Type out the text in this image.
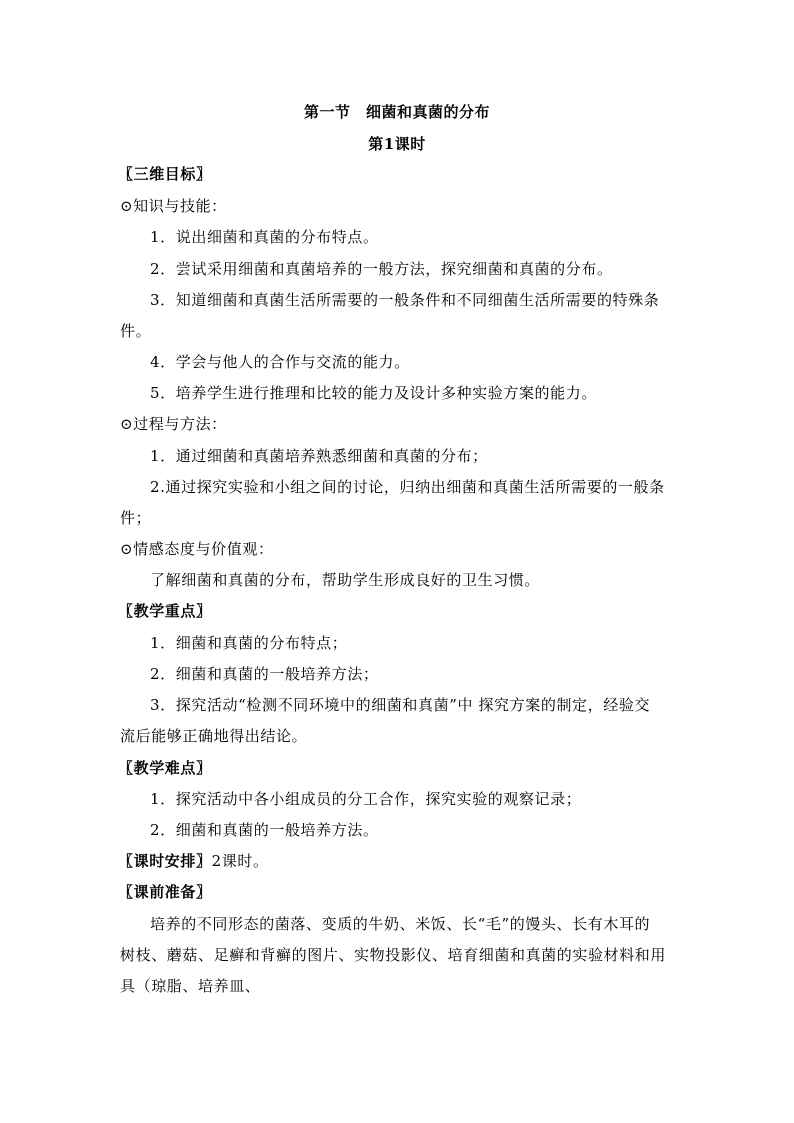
第一节　细菌和真菌的分布
第1课时
〖三维目标〗
⊙知识与技能：
1．说出细菌和真菌的分布特点。
2．尝试采用细菌和真菌培养的一般方法，探究细菌和真菌的分布。
3．知道细菌和真菌生活所需要的一般条件和不同细菌生活所需要的特殊条
件。
4．学会与他人的合作与交流的能力。
5．培养学生进行推理和比较的能力及设计多种实验方案的能力。
⊙过程与方法：
1．通过细菌和真菌培养熟悉细菌和真菌的分布；
2.通过探究实验和小组之间的讨论，归纳出细菌和真菌生活所需要的一般条
件；
⊙情感态度与价值观：
了解细菌和真菌的分布，帮助学生形成良好的卫生习惯。
〖教学重点〗
1．细菌和真菌的分布特点；
2．细菌和真菌的一般培养方法；
3．探究活动“检测不同环境中的细菌和真菌”中 探究方案的制定，经验交
流后能够正确地得出结论。
〖教学难点〗
1．探究活动中各小组成员的分工合作，探究实验的观察记录；
2．细菌和真菌的一般培养方法。
〖课时安排〗2课时。
〖课前准备〗
培养的不同形态的菌落、变质的牛奶、米饭、长“毛”的馒头、长有木耳的
树枝、蘑菇、足癣和背癣的图片、实物投影仪、培育细菌和真菌的实验材料和用
具（琼脂、培养皿、
